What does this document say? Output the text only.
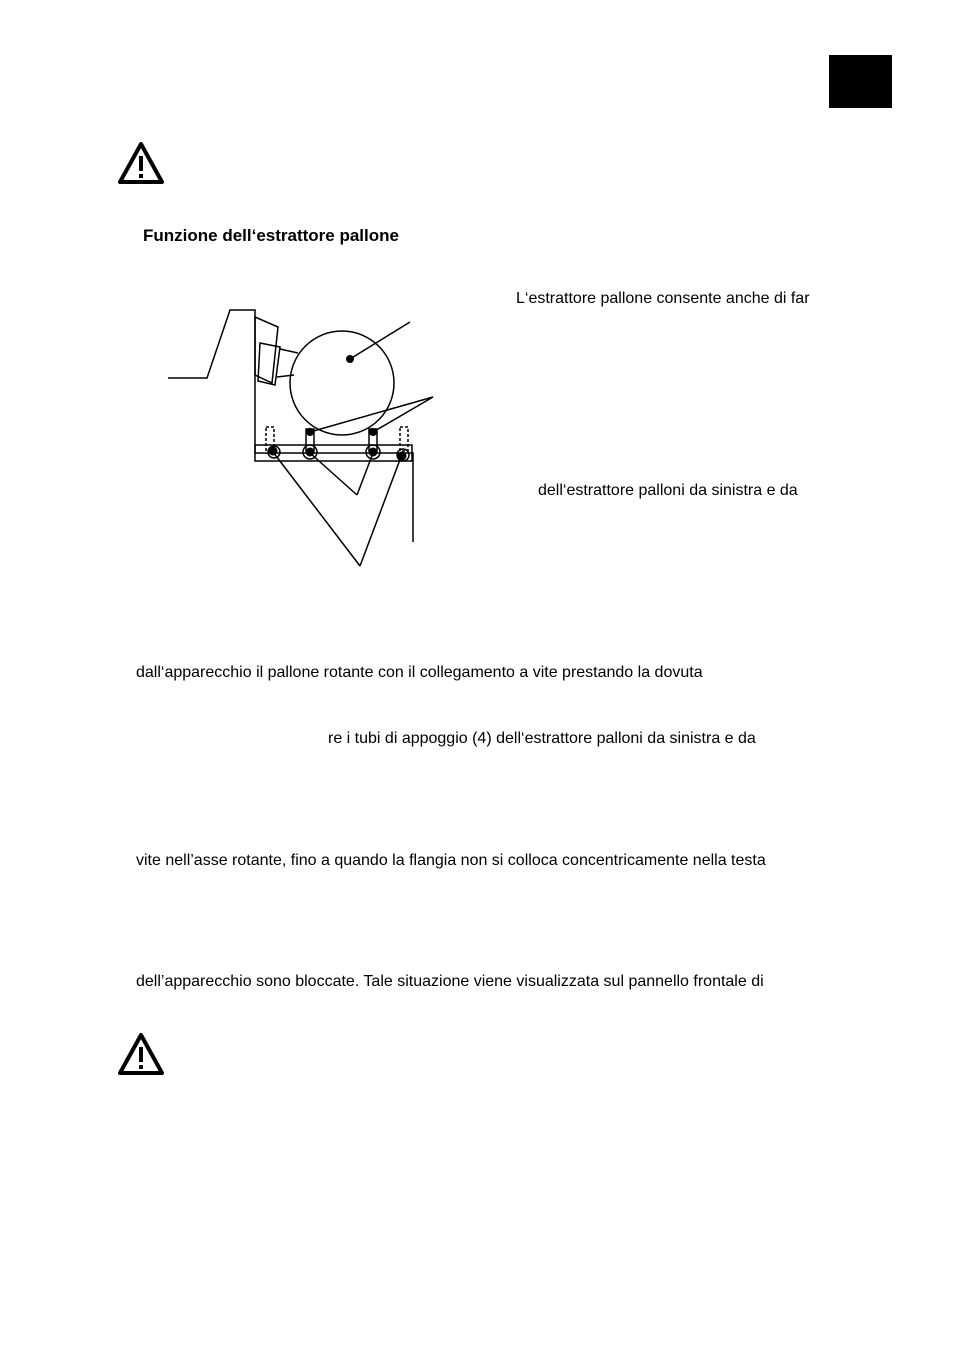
Funzione dell‘estrattore pallone
L‘estrattore pallone consente anche di far
dell‘estrattore palloni da sinistra e da
dall‘apparecchio il pallone rotante con il collegamento a vite prestando la dovuta
re i tubi di appoggio (4) dell‘estrattore palloni da sinistra e da
vite nell’asse rotante, fino a quando la flangia non si colloca concentricamente nella testa
dell’apparecchio sono bloccate. Tale situazione viene visualizzata sul pannello frontale di
